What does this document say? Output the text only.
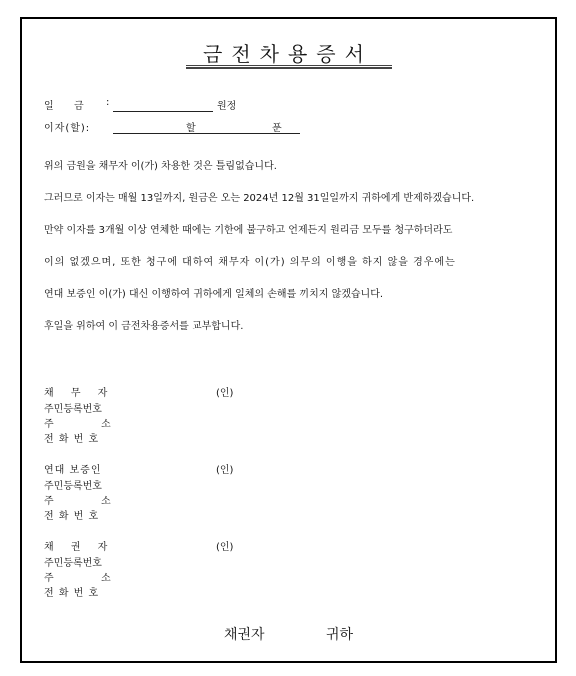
금전차용증서
일 금 :	원정
이자(할):	할	푼
위의 금원을 채무자 이(가) 차용한 것은 틀림없습니다.
그러므로 이자는 매월 13일까지, 원금은 오는 2024년 12월 31일일까지 귀하에게 반제하겠습니다.
만약 이자를 3개월 이상 연체한 때에는 기한에 불구하고 언제든지 원리금 모두를 청구하더라도
이의 없겠으며, 또한 청구에 대하여 채무자 이(가) 의무의 이행을 하지 않을 경우에는
연대 보증인 이(가) 대신 이행하여 귀하에게 일체의 손해를 끼치지 않겠습니다.
후일을 위하여 이 금전차용증서를 교부합니다.
채 무 자	(인)
주민등록번호
주	소
전 화 번 호
연대 보증인	(인)
주민등록번호
주	소
전 화 번 호
채 권 자	(인)
주민등록번호
주	소
전 화 번 호
채권자	귀하
